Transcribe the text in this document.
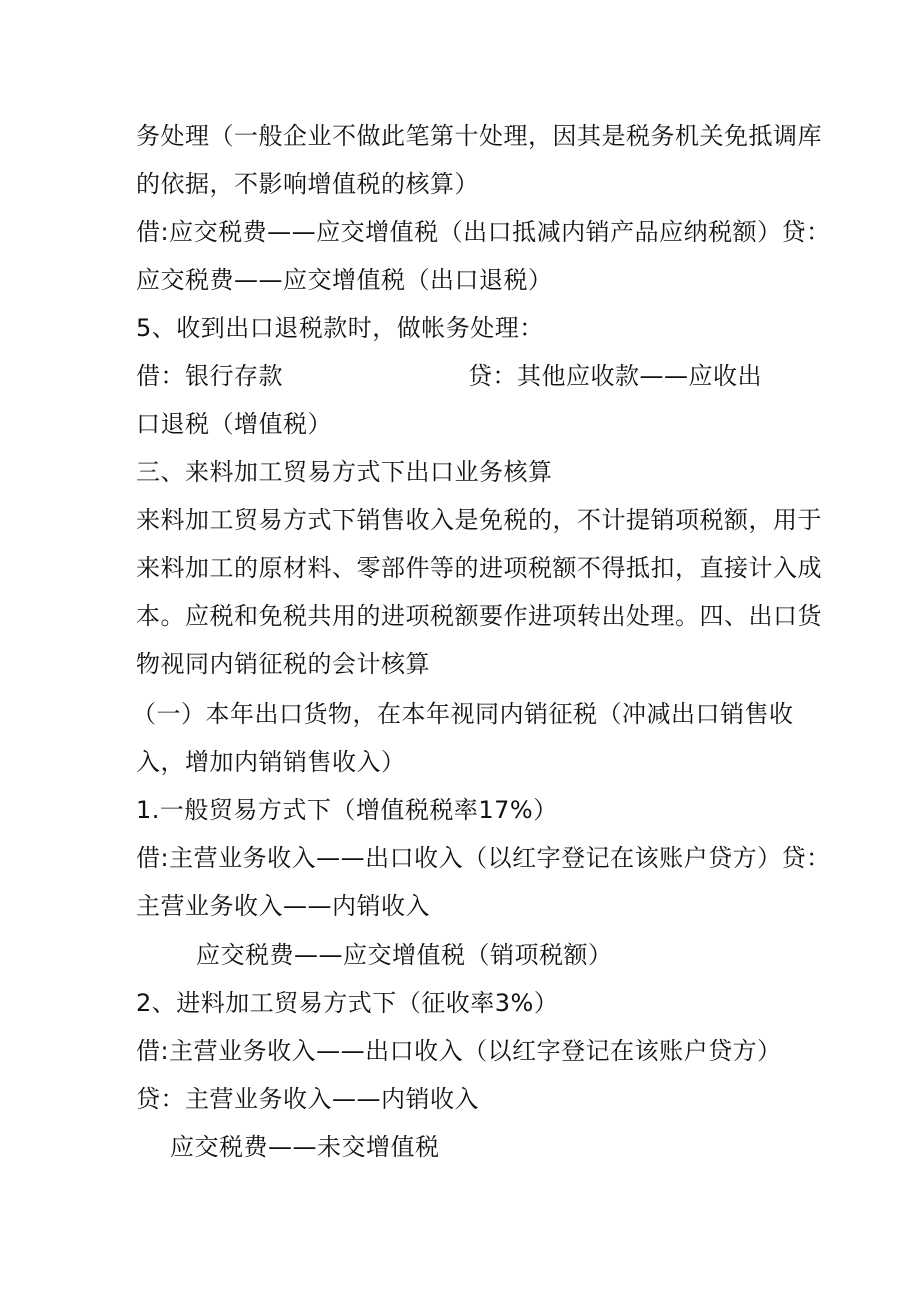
务处理（一般企业不做此笔第十处理，因其是税务机关免抵调库
的依据，不影响增值税的核算）
借:应交税费——应交增值税（出口抵减内销产品应纳税额）贷：
应交税费——应交增值税（出口退税）
5、收到出口退税款时，做帐务处理：
借：银行存款	贷：其他应收款——应收出
口退税（增值税）
三、来料加工贸易方式下出口业务核算
来料加工贸易方式下销售收入是免税的，不计提销项税额，用于
来料加工的原材料、零部件等的进项税额不得抵扣，直接计入成
本。应税和免税共用的进项税额要作进项转出处理。四、出口货
物视同内销征税的会计核算
（一）本年出口货物，在本年视同内销征税（冲减出口销售收
入，增加内销销售收入）
1.一般贸易方式下（增值税税率17%）
借:主营业务收入——出口收入（以红字登记在该账户贷方）贷：
主营业务收入——内销收入
应交税费——应交增值税（销项税额）
2、进料加工贸易方式下（征收率3%）
借:主营业务收入——出口收入（以红字登记在该账户贷方）
贷：主营业务收入——内销收入
应交税费——未交增值税
